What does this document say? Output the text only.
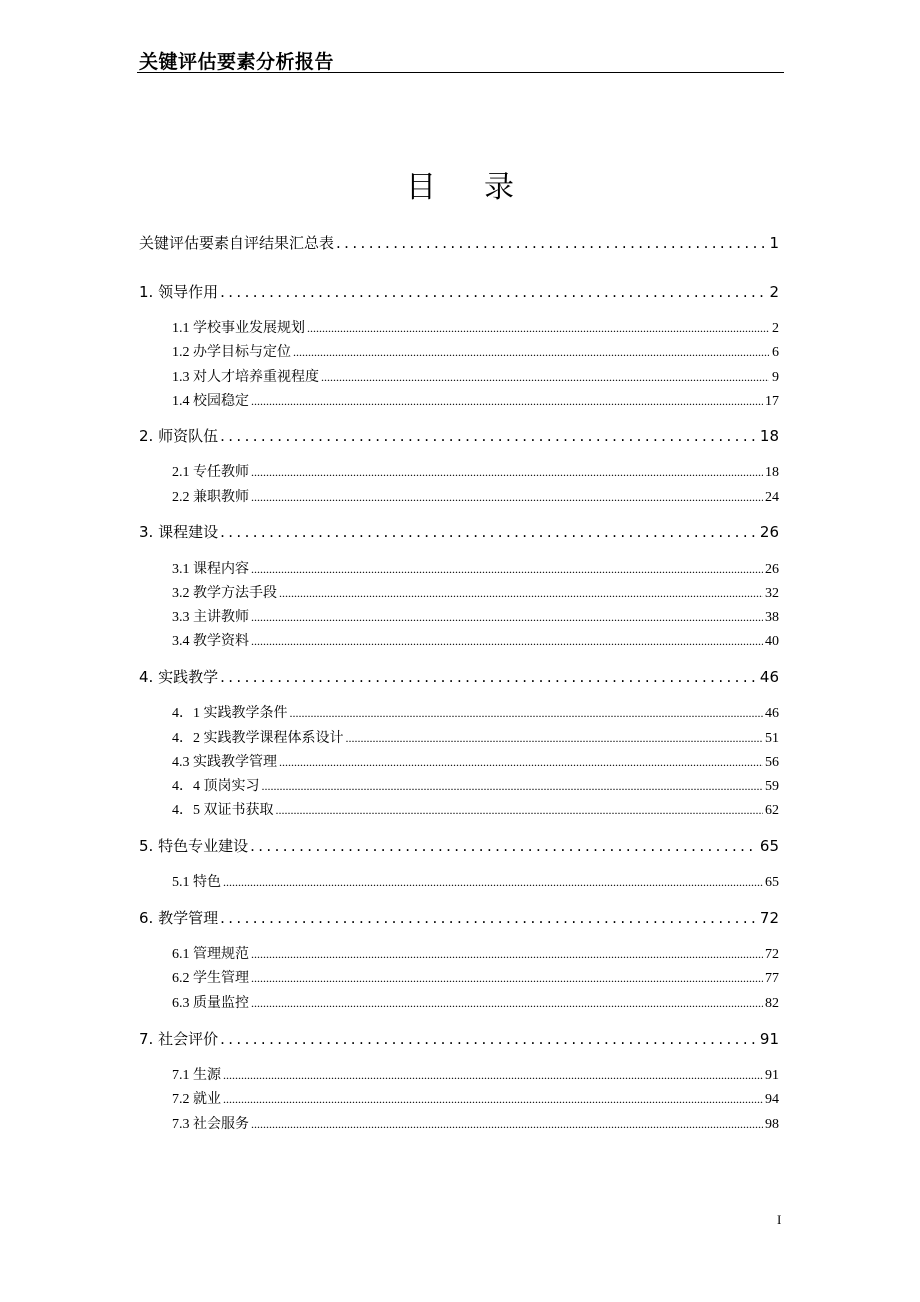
关键评估要素分析报告
目 录
关键评估要素自评结果汇总表 .....	1
1. 领导作用 .....	2
1.1 学校事业发展规划 .....	2
1.2 办学目标与定位 .....	6
1.3 对人才培养重视程度 .....	9
1.4 校园稳定 .....	17
2. 师资队伍 .....	18
2.1 专任教师 .....	18
2.2 兼职教师 .....	24
3. 课程建设 .....	26
3.1 课程内容 .....	26
3.2 教学方法手段 .....	32
3.3 主讲教师 .....	38
3.4 教学资料 .....	40
4. 实践教学 .....	46
4．1 实践教学条件 .....	46
4．2 实践教学课程体系设计 .....	51
4.3 实践教学管理 .....	56
4．4 顶岗实习 .....	59
4．5 双证书获取 .....	62
5. 特色专业建设 .....	65
5.1 特色 .....	65
6. 教学管理 .....	72
6.1 管理规范 .....	72
6.2 学生管理 .....	77
6.3 质量监控 .....	82
7. 社会评价 .....	91
7.1 生源 .....	91
7.2 就业 .....	94
7.3 社会服务 .....	98
I
